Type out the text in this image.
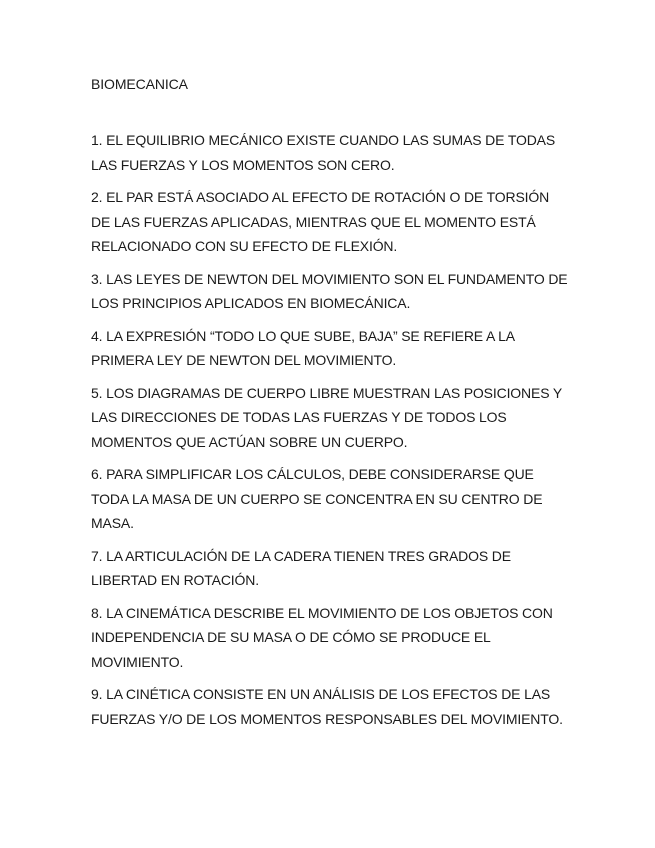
BIOMECANICA

1. EL EQUILIBRIO MECÁNICO EXISTE CUANDO LAS SUMAS DE TODAS LAS FUERZAS Y LOS MOMENTOS SON CERO.

2. EL PAR ESTÁ ASOCIADO AL EFECTO DE ROTACIÓN O DE TORSIÓN DE LAS FUERZAS APLICADAS, MIENTRAS QUE EL MOMENTO ESTÁ RELACIONADO CON SU EFECTO DE FLEXIÓN.

3. LAS LEYES DE NEWTON DEL MOVIMIENTO SON EL FUNDAMENTO DE LOS PRINCIPIOS APLICADOS EN BIOMECÁNICA.

4. LA EXPRESIÓN “TODO LO QUE SUBE, BAJA” SE REFIERE A LA PRIMERA LEY DE NEWTON DEL MOVIMIENTO.

5. LOS DIAGRAMAS DE CUERPO LIBRE MUESTRAN LAS POSICIONES Y LAS DIRECCIONES DE TODAS LAS FUERZAS Y DE TODOS LOS MOMENTOS QUE ACTÚAN SOBRE UN CUERPO.

6. PARA SIMPLIFICAR LOS CÁLCULOS, DEBE CONSIDERARSE QUE TODA LA MASA DE UN CUERPO SE CONCENTRA EN SU CENTRO DE MASA.

7. LA ARTICULACIÓN DE LA CADERA TIENEN TRES GRADOS DE LIBERTAD EN ROTACIÓN.

8. LA CINEMÁTICA DESCRIBE EL MOVIMIENTO DE LOS OBJETOS CON INDEPENDENCIA DE SU MASA O DE CÓMO SE PRODUCE EL MOVIMIENTO.

9. LA CINÉTICA CONSISTE EN UN ANÁLISIS DE LOS EFECTOS DE LAS FUERZAS Y/O DE LOS MOMENTOS RESPONSABLES DEL MOVIMIENTO.
